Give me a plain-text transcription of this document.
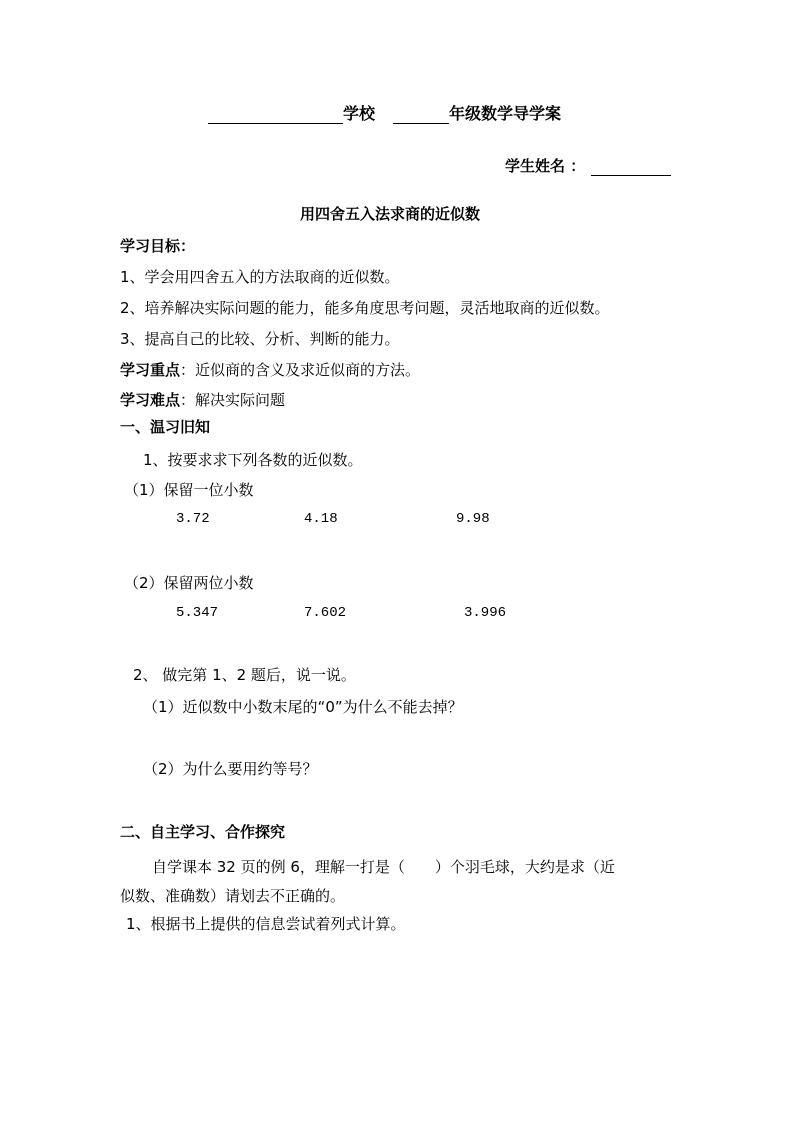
学校	年级数学导学案
学生姓名 ：
用四舍五入法求商的近似数
学习目标：
1、学会用四舍五入的方法取商的近似数。
2、培养解决实际问题的能力，能多角度思考问题，灵活地取商的近似数。
3、提高自己的比较、分析、判断的能力。
学习重点：近似商的含义及求近似商的方法。
学习难点：解决实际问题
一、温习旧知
1、按要求求下列各数的近似数。
（1）保留一位小数
3.72	4.18	9.98
（2）保留两位小数
5.347	7.602	3.996
2、 做完第 1、2 题后，说一说。
（1）近似数中小数末尾的“0”为什么不能去掉？
（2）为什么要用约等号？
二、自主学习、合作探究
自学课本 32 页的例 6，理解一打是（　　）个羽毛球，大约是求（近
似数、准确数）请划去不正确的。
1、根据书上提供的信息尝试着列式计算。
